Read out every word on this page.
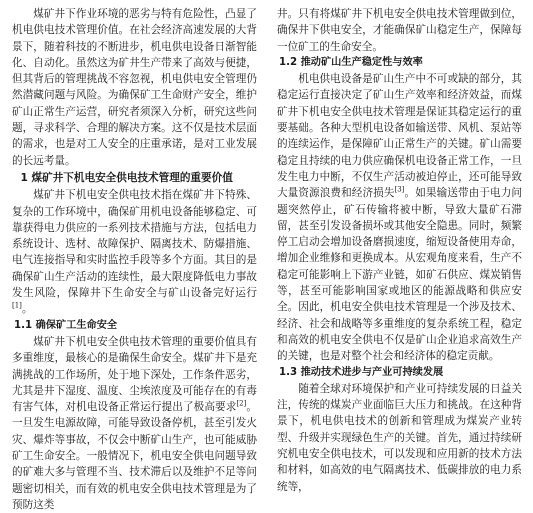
煤矿井下作业环境的恶劣与特有危险性，凸显了机电供电技术管理价值。在社会经济高速发展的大背景下，随着科技的不断进步，机电供电设备日渐智能化、自动化。虽然这为矿井生产带来了高效与便捷，但其背后的管理挑战不容忽视，机电供电安全管理仍然潜藏问题与风险。为确保矿工生命财产安全，维护矿山正常生产运营，研究者须深入分析，研究这些问题，寻求科学、合理的解决方案。这不仅是技术层面的需求，也是对工人安全的庄重承诺，是对工业发展的长远考量。

1 煤矿井下机电安全供电技术管理的重要价值

煤矿井下机电安全供电技术指在煤矿井下特殊、复杂的工作环境中，确保矿用机电设备能够稳定、可靠获得电力供应的一系列技术措施与方法，包括电力系统设计、选材、故障保护、隔离技术、防爆措施、电气连接指导和实时监控手段等多个方面。其目的是确保矿山生产活动的连续性，最大限度降低电力事故发生风险，保障井下生命安全与矿山设备完好运行[1]。

1.1 确保矿工生命安全

煤矿井下机电安全供电技术管理的重要价值具有多重维度，最核心的是确保生命安全。煤矿井下是充满挑战的工作场所，处于地下深处，工作条件恶劣，尤其是井下湿度、温度、尘埃浓度及可能存在的有毒有害气体，对机电设备正常运行提出了极高要求[2]。一旦发生电源故障，可能导致设备停机，甚至引发火灾、爆炸等事故，不仅会中断矿山生产，也可能威胁矿工生命安全。一般情况下，机电安全供电问题导致的矿难大多与管理不当、技术滞后以及维护不足等问题密切相关，而有效的机电安全供电技术管理是为了预防这类

井。只有将煤矿井下机电安全供电技术管理做到位，确保井下供电安全，才能确保矿山稳定生产，保障每一位矿工的生命安全。

1.2 推动矿山生产稳定性与效率

机电供电设备是矿山生产中不可或缺的部分，其稳定运行直接决定了矿山生产效率和经济效益，而煤矿井下机电安全供电技术管理是保证其稳定运行的重要基础。各种大型机电设备如输送带、风机、泵站等的连续运作，是保障矿山正常生产的关键。矿山需要稳定且持续的电力供应确保机电设备正常工作，一旦发生电力中断，不仅生产活动被迫停止，还可能导致大量资源浪费和经济损失[3]。如果输送带由于电力问题突然停止，矿石传输将被中断，导致大量矿石滞留，甚至引发设备损坏或其他安全隐患。同时，频繁停工启动会增加设备磨损速度，缩短设备使用寿命，增加企业维修和更换成本。从宏观角度来看，生产不稳定可能影响上下游产业链，如矿石供应、煤炭销售等，甚至可能影响国家或地区的能源战略和供应安全。因此，机电安全供电技术管理是一个涉及技术、经济、社会和战略等多重维度的复杂系统工程，稳定和高效的机电安全供电不仅是矿山企业追求高效生产的关键，也是对整个社会和经济体的稳定贡献。

1.3 推动技术进步与产业可持续发展

随着全球对环境保护和产业可持续发展的日益关注，传统的煤炭产业面临巨大压力和挑战。在这种背景下，机电供电技术的创新和管理成为煤炭产业转型、升级并实现绿色生产的关键。首先，通过持续研究机电安全供电技术，可以发现和应用新的技术方法和材料，如高效的电气隔离技术、低碳排放的电力系统等，
